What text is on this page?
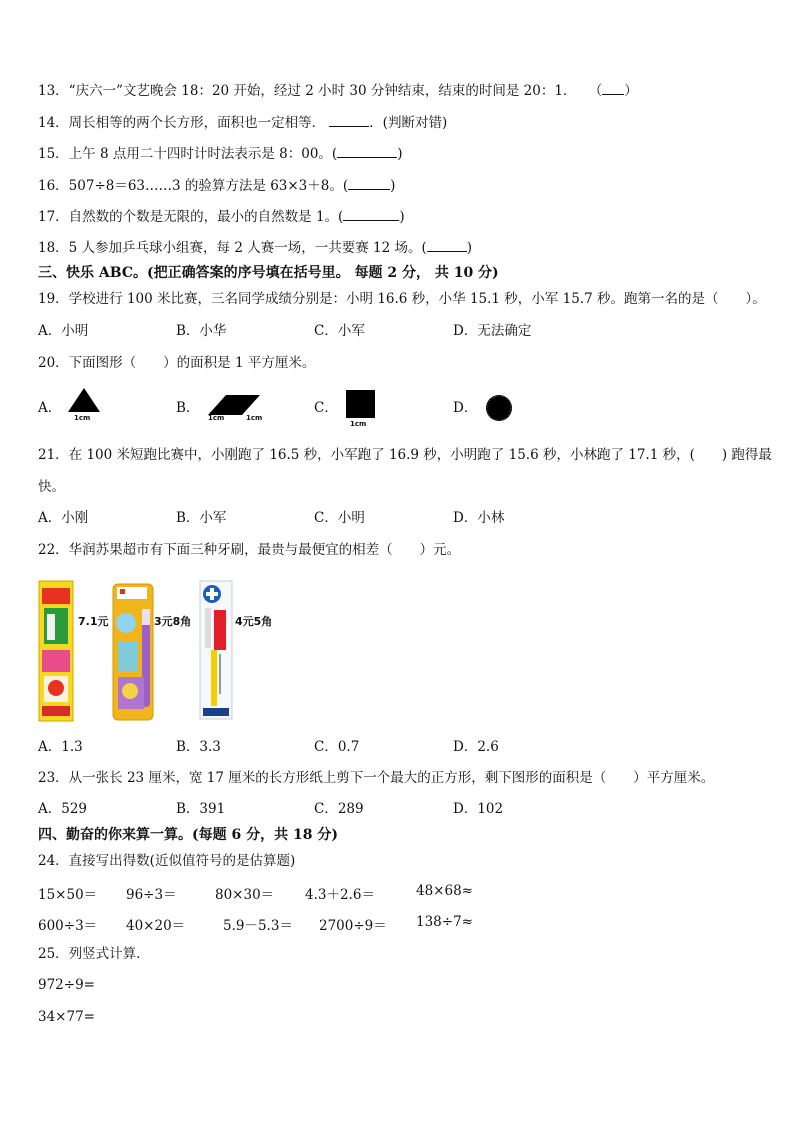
13．“庆六一”文艺晚会 18：20 开始，经过 2 小时 30 分钟结束，结束的时间是 20：1． （ ）
14．周长相等的两个长方形，面积也一定相等．	．(判断对错)
15．上午 8 点用二十四时计时法表示是 8：00。(	)
16．507÷8＝63……3 的验算方法是 63×3＋8。(	)
17．自然数的个数是无限的，最小的自然数是 1。(	)
18．5 人参加乒乓球小组赛，每 2 人赛一场，一共要赛 12 场。(	)
三、快乐 ABC。(把正确答案的序号填在括号里。 每题 2 分， 共 10 分)
19．学校进行 100 米比赛，三名同学成绩分别是：小明 16.6 秒，小华 15.1 秒，小军 15.7 秒。跑第一名的是（　　）。
A．小明	B．小华	C．小军	D．无法确定
20．下面图形（　　）的面积是 1 平方厘米。
A．
1cm
B．
1cm	1cm
C．
1cm
D．
21．在 100 米短跑比赛中，小刚跑了 16.5 秒，小军跑了 16.9 秒，小明跑了 15.6 秒，小林跑了 17.1 秒，(　　) 跑得最
快。
A．小刚	B．小军	C．小明	D．小林
22．华润苏果超市有下面三种牙刷，最贵与最便宜的相差（　　）元。
7.1元	3元8角	4元5角
A．1.3	B．3.3	C．0.7	D．2.6
23．从一张长 23 厘米，宽 17 厘米的长方形纸上剪下一个最大的正方形，剩下图形的面积是（　　）平方厘米。
A．529	B．391	C．289	D．102
四、勤奋的你来算一算。(每题 6 分，共 18 分)
24．直接写出得数(近似值符号的是估算题)
15×50＝ 96÷3＝	80×30＝ 4.3＋2.6＝	48×68≈
600÷3＝ 40×20＝	5.9－5.3＝ 2700÷9＝ 138÷7≈
25．列竖式计算．
972÷9=
34×77=
